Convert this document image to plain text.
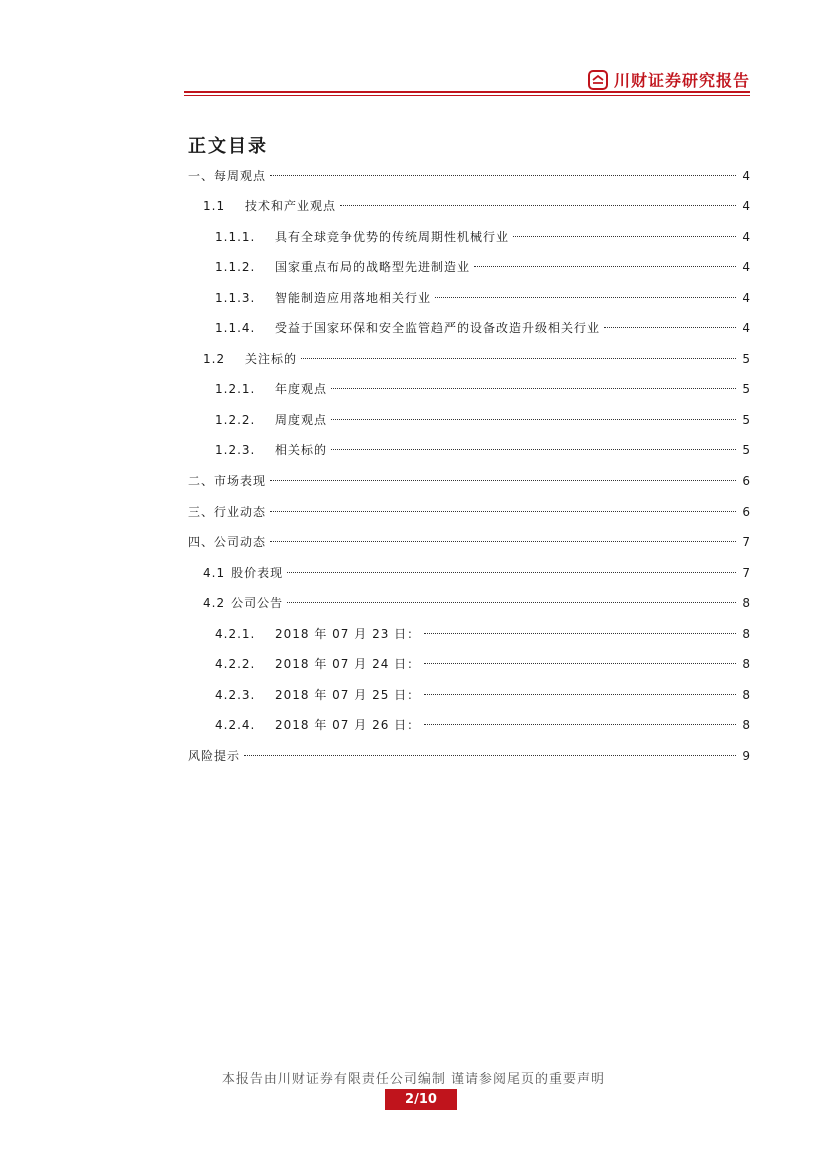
川财证券研究报告
正文目录
一、每周观点	4
1.1	技术和产业观点	4
1.1.1.	具有全球竞争优势的传统周期性机械行业	4
1.1.2.	国家重点布局的战略型先进制造业	4
1.1.3.	智能制造应用落地相关行业	4
1.1.4.	受益于国家环保和安全监管趋严的设备改造升级相关行业	4
1.2	关注标的	5
1.2.1.	年度观点	5
1.2.2.	周度观点	5
1.2.3.	相关标的	5
二、市场表现	6
三、行业动态	6
四、公司动态	7
4.1 股价表现	7
4.2 公司公告	8
4.2.1.	2018 年 07 月 23 日：	8
4.2.2.	2018 年 07 月 24 日：	8
4.2.3.	2018 年 07 月 25 日：	8
4.2.4.	2018 年 07 月 26 日：	8
风险提示	9
本报告由川财证券有限责任公司编制 谨请参阅尾页的重要声明
2/10
